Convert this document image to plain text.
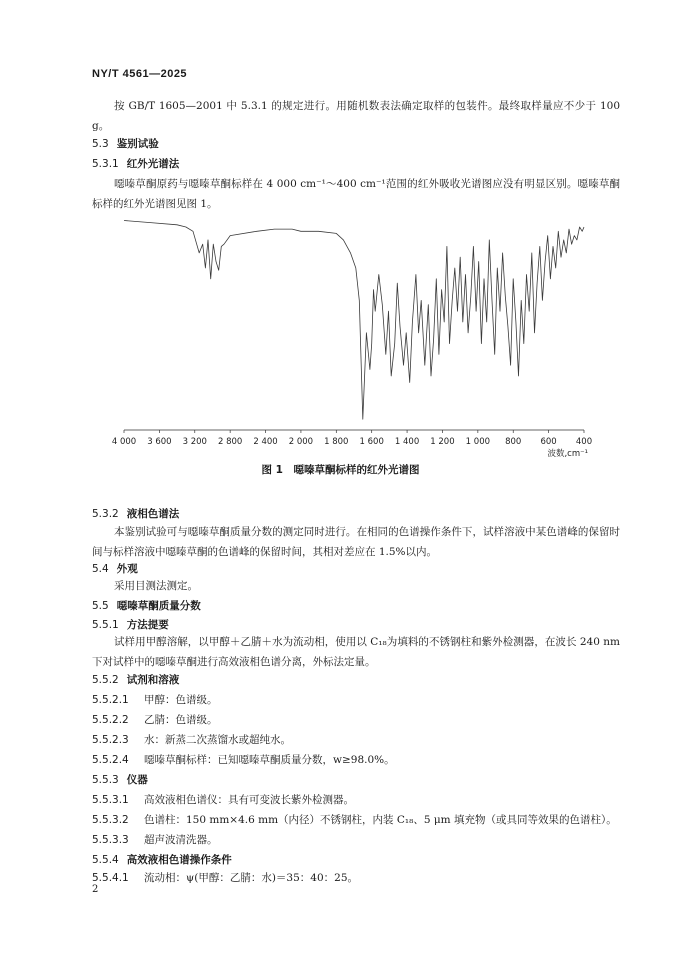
NY/T 4561—2025
按 GB/T 1605—2001 中 5.3.1 的规定进行。用随机数表法确定取样的包装件。最终取样量应不少于 100 g。
5.3 鉴别试验
5.3.1 红外光谱法
噁嗪草酮原药与噁嗪草酮标样在 4 000 cm⁻¹～400 cm⁻¹范围的红外吸收光谱图应没有明显区别。噁嗪草酮标样的红外光谱图见图 1。
4 000 3 600 3 200 2 800 2 400 2 000 1 800 1 600 1 400 1 200 1 000 800 600 400
波数,cm⁻¹
图 1　噁嗪草酮标样的红外光谱图
5.3.2 液相色谱法
本鉴别试验可与噁嗪草酮质量分数的测定同时进行。在相同的色谱操作条件下，试样溶液中某色谱峰的保留时间与标样溶液中噁嗪草酮的色谱峰的保留时间，其相对差应在 1.5%以内。
5.4 外观
采用目测法测定。
5.5 噁嗪草酮质量分数
5.5.1 方法提要
试样用甲醇溶解，以甲醇＋乙腈＋水为流动相，使用以 C₁₈为填料的不锈钢柱和紫外检测器，在波长 240 nm 下对试样中的噁嗪草酮进行高效液相色谱分离，外标法定量。
5.5.2 试剂和溶液
5.5.2.1 甲醇：色谱级。
5.5.2.2 乙腈：色谱级。
5.5.2.3 水：新蒸二次蒸馏水或超纯水。
5.5.2.4 噁嗪草酮标样：已知噁嗪草酮质量分数，w≥98.0%。
5.5.3 仪器
5.5.3.1 高效液相色谱仪：具有可变波长紫外检测器。
5.5.3.2 色谱柱：150 mm×4.6 mm（内径）不锈钢柱，内装 C₁₈、5 μm 填充物（或具同等效果的色谱柱）。
5.5.3.3 超声波清洗器。
5.5.4 高效液相色谱操作条件
5.5.4.1 流动相：ψ(甲醇：乙腈：水)＝35：40：25。
2
